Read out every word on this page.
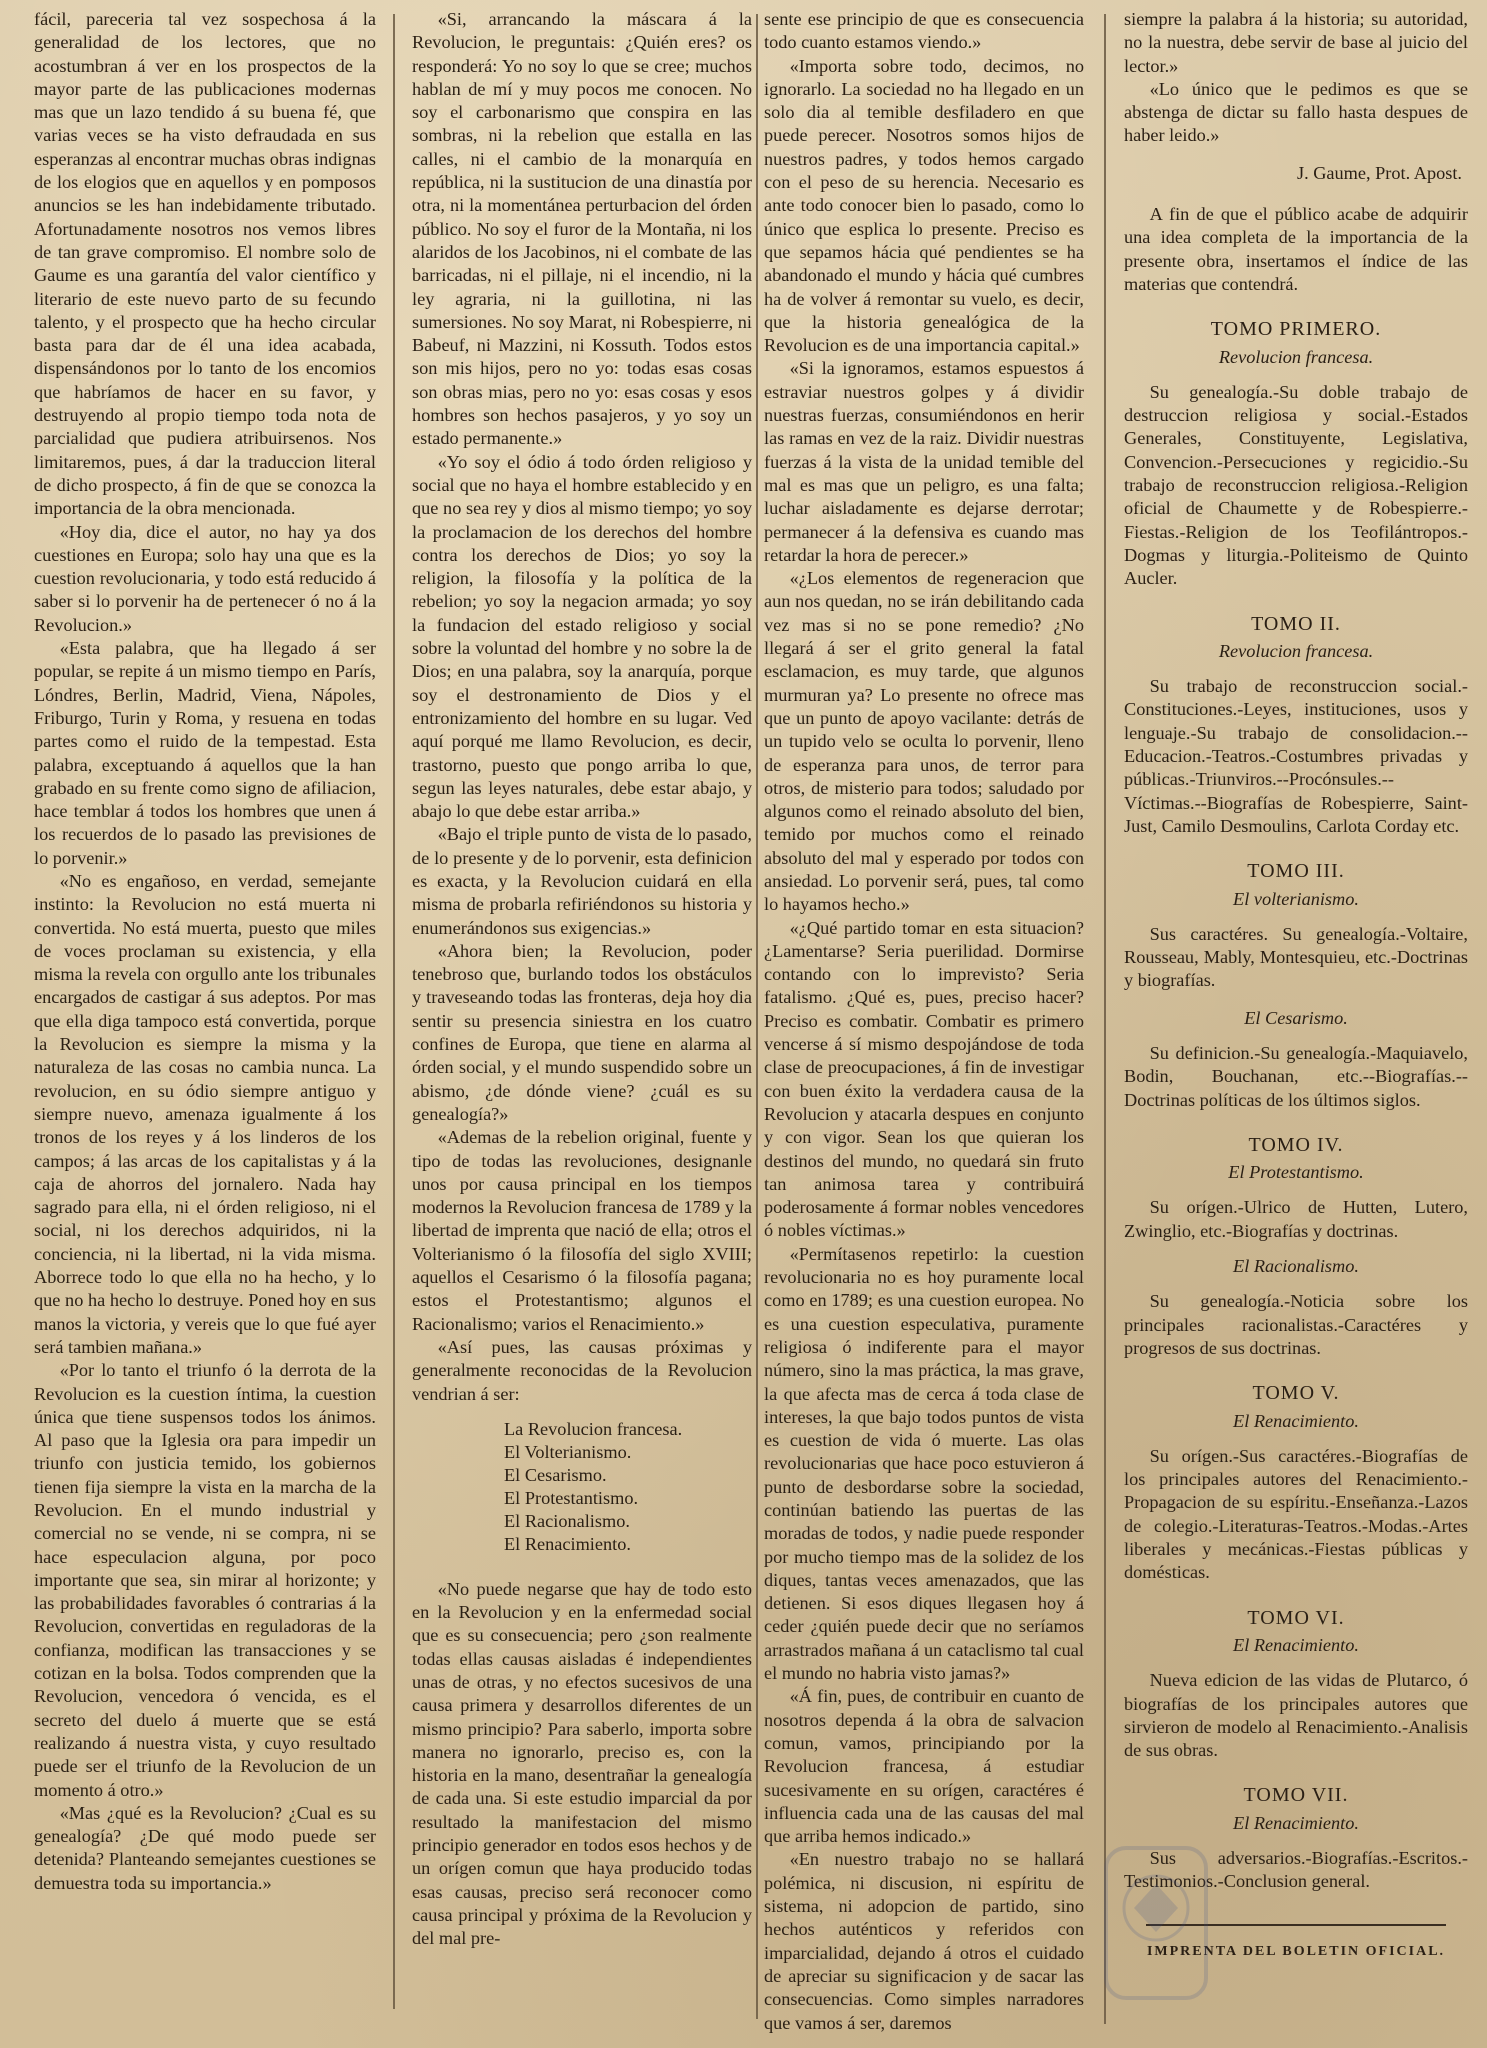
fácil, pareceria tal vez sospechosa á la generalidad de los lectores, que no acostumbran á ver en los prospectos de la mayor parte de las publicaciones modernas mas que un lazo tendido á su buena fé, que varias veces se ha visto defraudada en sus esperanzas al encontrar muchas obras indignas de los elogios que en aquellos y en pomposos anuncios se les han indebidamente tributado. Afortunadamente nosotros nos vemos libres de tan grave compromiso. El nombre solo de Gaume es una garantía del valor científico y literario de este nuevo parto de su fecundo talento, y el prospecto que ha hecho circular basta para dar de él una idea acabada, dispensándonos por lo tanto de los encomios que habríamos de hacer en su favor, y destruyendo al propio tiempo toda nota de parcialidad que pudiera atribuirsenos. Nos limitaremos, pues, á dar la traduccion literal de dicho prospecto, á fin de que se conozca la importancia de la obra mencionada.

«Hoy dia, dice el autor, no hay ya dos cuestiones en Europa; solo hay una que es la cuestion revolucionaria, y todo está reducido á saber si lo porvenir ha de pertenecer ó no á la Revolucion.»

«Esta palabra, que ha llegado á ser popular, se repite á un mismo tiempo en París, Lóndres, Berlin, Madrid, Viena, Nápoles, Friburgo, Turin y Roma, y resuena en todas partes como el ruido de la tempestad. Esta palabra, exceptuando á aquellos que la han grabado en su frente como signo de afiliacion, hace temblar á todos los hombres que unen á los recuerdos de lo pasado las previsiones de lo porvenir.»

«No es engañoso, en verdad, semejante instinto: la Revolucion no está muerta ni convertida. No está muerta, puesto que miles de voces proclaman su existencia, y ella misma la revela con orgullo ante los tribunales encargados de castigar á sus adeptos. Por mas que ella diga tampoco está convertida, porque la Revolucion es siempre la misma y la naturaleza de las cosas no cambia nunca. La revolucion, en su ódio siempre antiguo y siempre nuevo, amenaza igualmente á los tronos de los reyes y á los linderos de los campos; á las arcas de los capitalistas y á la caja de ahorros del jornalero. Nada hay sagrado para ella, ni el órden religioso, ni el social, ni los derechos adquiridos, ni la conciencia, ni la libertad, ni la vida misma. Aborrece todo lo que ella no ha hecho, y lo que no ha hecho lo destruye. Poned hoy en sus manos la victoria, y vereis que lo que fué ayer será tambien mañana.»

«Por lo tanto el triunfo ó la derrota de la Revolucion es la cuestion íntima, la cuestion única que tiene suspensos todos los ánimos. Al paso que la Iglesia ora para impedir un triunfo con justicia temido, los gobiernos tienen fija siempre la vista en la marcha de la Revolucion. En el mundo industrial y comercial no se vende, ni se compra, ni se hace especulacion alguna, por poco importante que sea, sin mirar al horizonte; y las probabilidades favorables ó contrarias á la Revolucion, convertidas en reguladoras de la confianza, modifican las transacciones y se cotizan en la bolsa. Todos comprenden que la Revolucion, vencedora ó vencida, es el secreto del duelo á muerte que se está realizando á nuestra vista, y cuyo resultado puede ser el triunfo de la Revolucion de un momento á otro.»

«Mas ¿qué es la Revolucion? ¿Cual es su genealogía? ¿De qué modo puede ser detenida? Planteando semejantes cuestiones se demuestra toda su importancia.»

«Si, arrancando la máscara á la Revolucion, le preguntais: ¿Quién eres? os responderá: Yo no soy lo que se cree; muchos hablan de mí y muy pocos me conocen. No soy el carbonarismo que conspira en las sombras, ni la rebelion que estalla en las calles, ni el cambio de la monarquía en república, ni la sustitucion de una dinastía por otra, ni la momentánea perturbacion del órden público. No soy el furor de la Montaña, ni los alaridos de los Jacobinos, ni el combate de las barricadas, ni el pillaje, ni el incendio, ni la ley agraria, ni la guillotina, ni las sumersiones. No soy Marat, ni Robespierre, ni Babeuf, ni Mazzini, ni Kossuth. Todos estos son mis hijos, pero no yo: todas esas cosas son obras mias, pero no yo: esas cosas y esos hombres son hechos pasajeros, y yo soy un estado permanente.»

«Yo soy el ódio á todo órden religioso y social que no haya el hombre establecido y en que no sea rey y dios al mismo tiempo; yo soy la proclamacion de los derechos del hombre contra los derechos de Dios; yo soy la religion, la filosofía y la política de la rebelion; yo soy la negacion armada; yo soy la fundacion del estado religioso y social sobre la voluntad del hombre y no sobre la de Dios; en una palabra, soy la anarquía, porque soy el destronamiento de Dios y el entronizamiento del hombre en su lugar. Ved aquí porqué me llamo Revolucion, es decir, trastorno, puesto que pongo arriba lo que, segun las leyes naturales, debe estar abajo, y abajo lo que debe estar arriba.»

«Bajo el triple punto de vista de lo pasado, de lo presente y de lo porvenir, esta definicion es exacta, y la Revolucion cuidará en ella misma de probarla refiriéndonos su historia y enumerándonos sus exigencias.»

«Ahora bien; la Revolucion, poder tenebroso que, burlando todos los obstáculos y traveseando todas las fronteras, deja hoy dia sentir su presencia siniestra en los cuatro confines de Europa, que tiene en alarma al órden social, y el mundo suspendido sobre un abismo, ¿de dónde viene? ¿cuál es su genealogía?»

«Ademas de la rebelion original, fuente y tipo de todas las revoluciones, designanle unos por causa principal en los tiempos modernos la Revolucion francesa de 1789 y la libertad de imprenta que nació de ella; otros el Volterianismo ó la filosofía del siglo XVIII; aquellos el Cesarismo ó la filosofía pagana; estos el Protestantismo; algunos el Racionalismo; varios el Renacimiento.»

«Así pues, las causas próximas y generalmente reconocidas de la Revolucion vendrian á ser:

La Revolucion francesa.
El Volterianismo.
El Cesarismo.
El Protestantismo.
El Racionalismo.
El Renacimiento.

«No puede negarse que hay de todo esto en la Revolucion y en la enfermedad social que es su consecuencia; pero ¿son realmente todas ellas causas aisladas é independientes unas de otras, y no efectos sucesivos de una causa primera y desarrollos diferentes de un mismo principio? Para saberlo, importa sobre manera no ignorarlo, preciso es, con la historia en la mano, desentrañar la genealogía de cada una. Si este estudio imparcial da por resultado la manifestacion del mismo principio generador en todos esos hechos y de un orígen comun que haya producido todas esas causas, preciso será reconocer como causa principal y próxima de la Revolucion y del mal pre-

sente ese principio de que es consecuencia todo cuanto estamos viendo.»

«Importa sobre todo, decimos, no ignorarlo. La sociedad no ha llegado en un solo dia al temible desfiladero en que puede perecer. Nosotros somos hijos de nuestros padres, y todos hemos cargado con el peso de su herencia. Necesario es ante todo conocer bien lo pasado, como lo único que esplica lo presente. Preciso es que sepamos hácia qué pendientes se ha abandonado el mundo y hácia qué cumbres ha de volver á remontar su vuelo, es decir, que la historia genealógica de la Revolucion es de una importancia capital.»

«Si la ignoramos, estamos espuestos á estraviar nuestros golpes y á dividir nuestras fuerzas, consumiéndonos en herir las ramas en vez de la raiz. Dividir nuestras fuerzas á la vista de la unidad temible del mal es mas que un peligro, es una falta; luchar aisladamente es dejarse derrotar; permanecer á la defensiva es cuando mas retardar la hora de perecer.»

«¿Los elementos de regeneracion que aun nos quedan, no se irán debilitando cada vez mas si no se pone remedio? ¿No llegará á ser el grito general la fatal esclamacion, es muy tarde, que algunos murmuran ya? Lo presente no ofrece mas que un punto de apoyo vacilante: detrás de un tupido velo se oculta lo porvenir, lleno de esperanza para unos, de terror para otros, de misterio para todos; saludado por algunos como el reinado absoluto del bien, temido por muchos como el reinado absoluto del mal y esperado por todos con ansiedad. Lo porvenir será, pues, tal como lo hayamos hecho.»

«¿Qué partido tomar en esta situacion? ¿Lamentarse? Seria puerilidad. Dormirse contando con lo imprevisto? Seria fatalismo. ¿Qué es, pues, preciso hacer? Preciso es combatir. Combatir es primero vencerse á sí mismo despojándose de toda clase de preocupaciones, á fin de investigar con buen éxito la verdadera causa de la Revolucion y atacarla despues en conjunto y con vigor. Sean los que quieran los destinos del mundo, no quedará sin fruto tan animosa tarea y contribuirá poderosamente á formar nobles vencedores ó nobles víctimas.»

«Permítasenos repetirlo: la cuestion revolucionaria no es hoy puramente local como en 1789; es una cuestion europea. No es una cuestion especulativa, puramente religiosa ó indiferente para el mayor número, sino la mas práctica, la mas grave, la que afecta mas de cerca á toda clase de intereses, la que bajo todos puntos de vista es cuestion de vida ó muerte. Las olas revolucionarias que hace poco estuvieron á punto de desbordarse sobre la sociedad, continúan batiendo las puertas de las moradas de todos, y nadie puede responder por mucho tiempo mas de la solidez de los diques, tantas veces amenazados, que las detienen. Si esos diques llegasen hoy á ceder ¿quién puede decir que no seríamos arrastrados mañana á un cataclismo tal cual el mundo no habria visto jamas?»

«Á fin, pues, de contribuir en cuanto de nosotros dependa á la obra de salvacion comun, vamos, principiando por la Revolucion francesa, á estudiar sucesivamente en su orígen, caractéres é influencia cada una de las causas del mal que arriba hemos indicado.»

«En nuestro trabajo no se hallará polémica, ni discusion, ni espíritu de sistema, ni adopcion de partido, sino hechos auténticos y referidos con imparcialidad, dejando á otros el cuidado de apreciar su significacion y de sacar las consecuencias. Como simples narradores que vamos á ser, daremos

siempre la palabra á la historia; su autoridad, no la nuestra, debe servir de base al juicio del lector.»

«Lo único que le pedimos es que se abstenga de dictar su fallo hasta despues de haber leido.»

J. Gaume, Prot. Apost.

A fin de que el público acabe de adquirir una idea completa de la importancia de la presente obra, insertamos el índice de las materias que contendrá.

TOMO PRIMERO.
Revolucion francesa.

Su genealogía.-Su doble trabajo de destruccion religiosa y social.-Estados Generales, Constituyente, Legislativa, Convencion.-Persecuciones y regicidio.-Su trabajo de reconstruccion religiosa.-Religion oficial de Chaumette y de Robespierre.-Fiestas.-Religion de los Teofilántropos.-Dogmas y liturgia.-Politeismo de Quinto Aucler.

TOMO II.
Revolucion francesa.

Su trabajo de reconstruccion social.-Constituciones.-Leyes, instituciones, usos y lenguaje.-Su trabajo de consolidacion.--Educacion.-Teatros.-Costumbres privadas y públicas.-Triunviros.--Procónsules.--Víctimas.--Biografías de Robespierre, Saint-Just, Camilo Desmoulins, Carlota Corday etc.

TOMO III.
El volterianismo.

Sus caractéres. Su genealogía.-Voltaire, Rousseau, Mably, Montesquieu, etc.-Doctrinas y biografías.

El Cesarismo.

Su definicion.-Su genealogía.-Maquiavelo, Bodin, Bouchanan, etc.--Biografías.--Doctrinas políticas de los últimos siglos.

TOMO IV.
El Protestantismo.

Su orígen.-Ulrico de Hutten, Lutero, Zwinglio, etc.-Biografías y doctrinas.

El Racionalismo.

Su genealogía.-Noticia sobre los principales racionalistas.-Caractéres y progresos de sus doctrinas.

TOMO V.
El Renacimiento.

Su orígen.-Sus caractéres.-Biografías de los principales autores del Renacimiento.-Propagacion de su espíritu.-Enseñanza.-Lazos de colegio.-Literaturas-Teatros.-Modas.-Artes liberales y mecánicas.-Fiestas públicas y domésticas.

TOMO VI.
El Renacimiento.

Nueva edicion de las vidas de Plutarco, ó biografías de los principales autores que sirvieron de modelo al Renacimiento.-Analisis de sus obras.

TOMO VII.
El Renacimiento.

Sus adversarios.-Biografías.-Escritos.-Testimonios.-Conclusion general.

IMPRENTA DEL BOLETIN OFICIAL.
